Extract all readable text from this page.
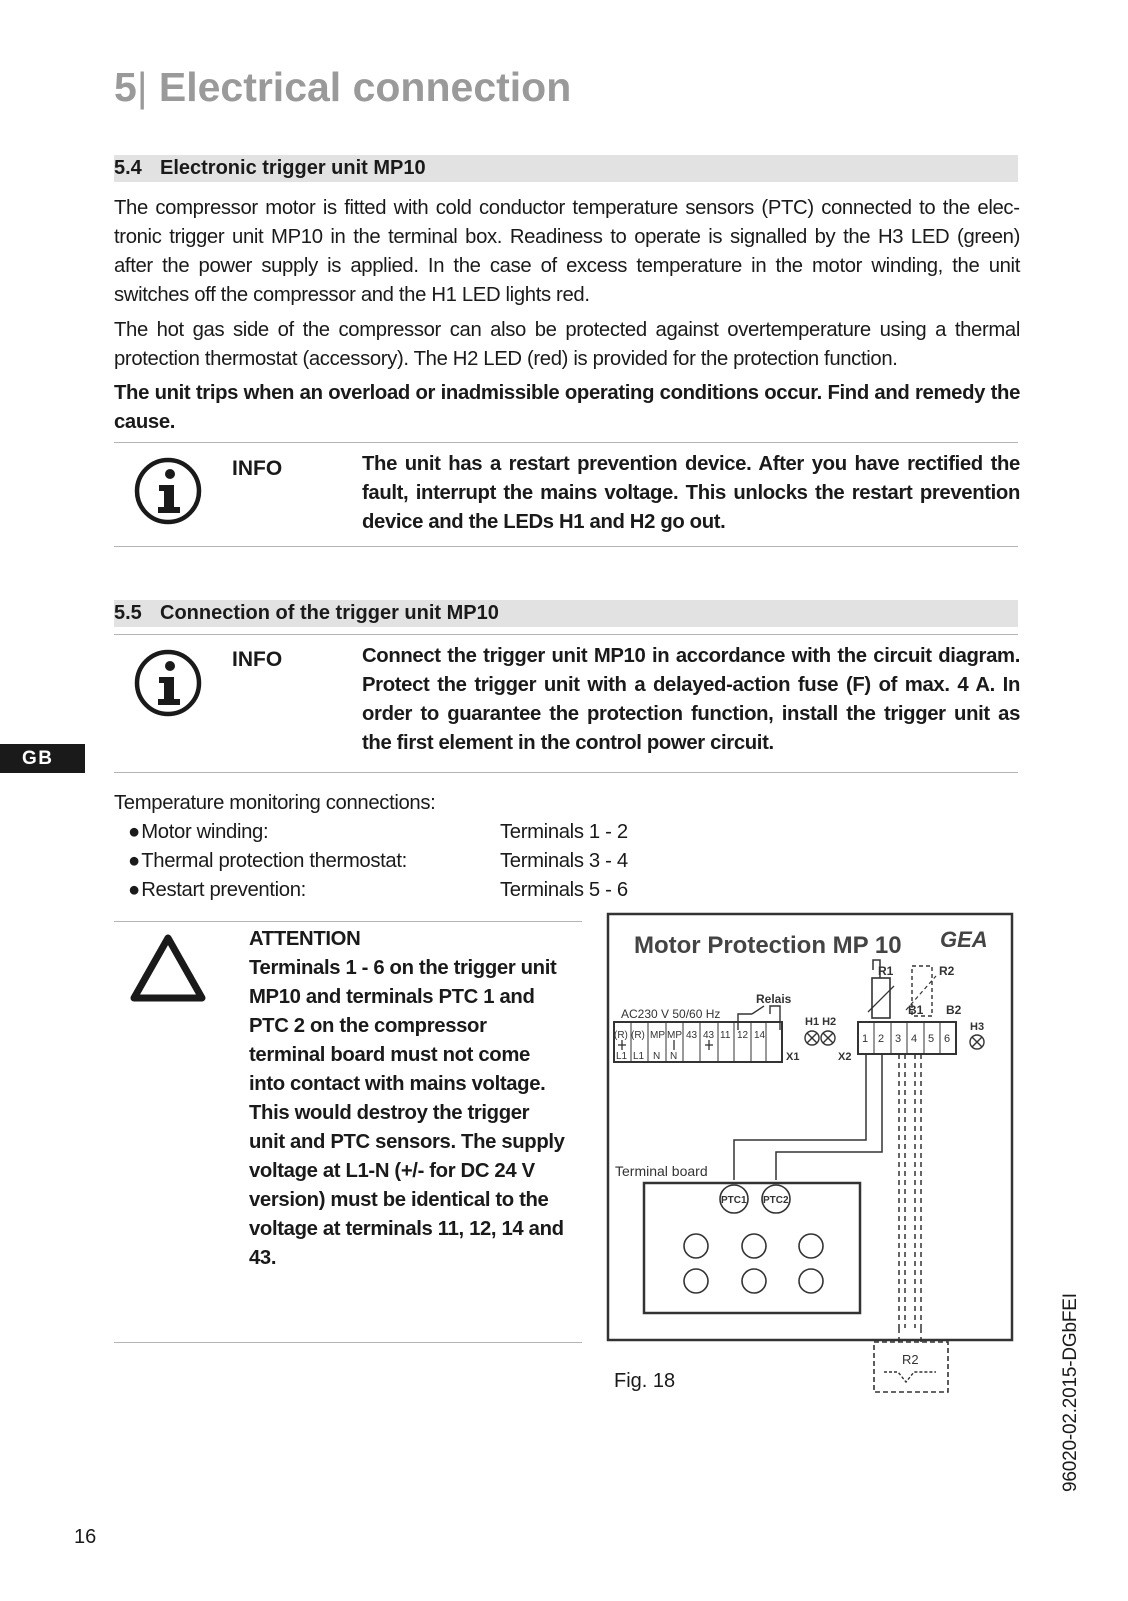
5| Electrical connection
5.4 Electronic trigger unit MP10
The compressor motor is fitted with cold conductor temperature sensors (PTC) connected to the electronic trigger unit MP10 in the terminal box. Readiness to operate is signalled by the H3 LED (green) after the power supply is applied. In the case of excess temperature in the motor winding, the unit switches off the compressor and the H1 LED lights red.
The hot gas side of the compressor can also be protected against overtemperature using a thermal protection thermostat (accessory). The H2 LED (red) is provided for the protection function.
The unit trips when an overload or inadmissible operating conditions occur. Find and remedy the cause.
INFO	The unit has a restart prevention device. After you have rectified the fault, interrupt the mains voltage. This unlocks the restart prevention device and the LEDs H1 and H2 go out.
5.5 Connection of the trigger unit MP10
INFO	Connect the trigger unit MP10 in accordance with the circuit diagram. Protect the trigger unit with a delayed-action fuse (F) of max. 4 A. In order to guarantee the protection function, install the trigger unit as the first element in the control power circuit.
GB
Temperature monitoring connections:
● Motor winding:	Terminals 1 - 2
● Thermal protection thermostat:	Terminals 3 - 4
● Restart prevention:	Terminals 5 - 6
ATTENTION
Terminals 1 - 6 on the trigger unit MP10 and terminals PTC 1 and PTC 2 on the compressor terminal board must not come into contact with mains voltage. This would destroy the trigger unit and PTC sensors. The supply voltage at L1-N (+/- for DC 24 V version) must be identical to the voltage at terminals 11, 12, 14 and 43.
Motor Protection MP 10 GEA
R1	R2
Relais
AC230 V 50/60 Hz	B1 B2
(R) (R) MP MP 43 43 11 12 14
L1 L1 N N
H1 H2
X1	X2
1 2 3 4 5 6
H3
Terminal board
PTC1 PTC2
R2
Fig. 18
16
96020-02.2015-DGbFEI
